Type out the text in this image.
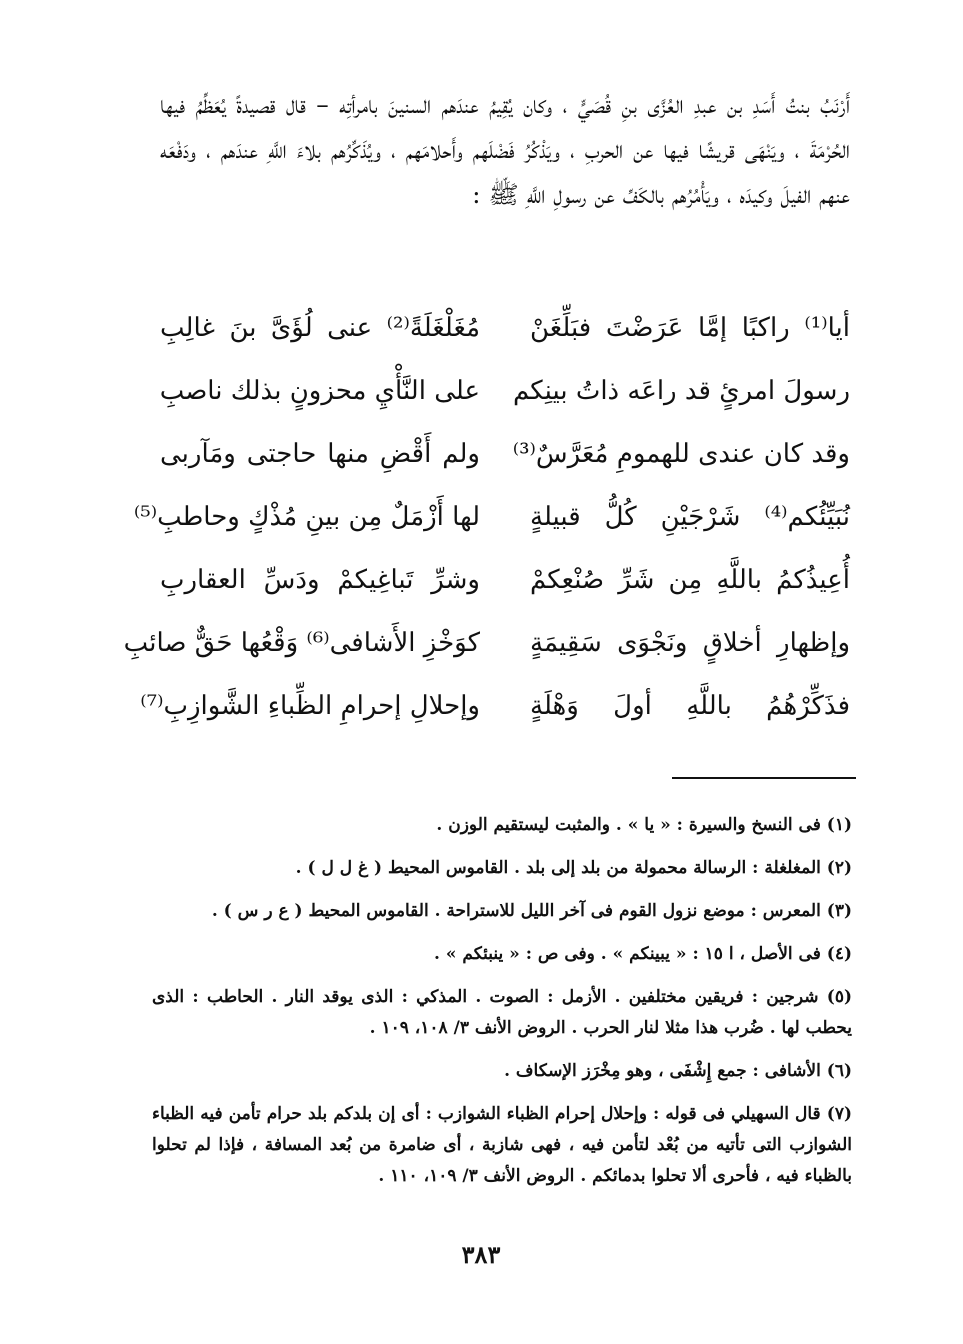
أَرْنَبُ بنتُ أَسَدِ بن عبدِ العُزَّى بنِ قُصَيٍّ ، وكان يُقِيمُ عندَهم السنينَ بامرأتِه – قال قصيدةً يُعَظِّمُ فيها الحُرْمَةَ ، ويَنْهَى قريشًا فيها عن الحربِ ، ويَذْكُرُ فَضْلَهم وأَحلامَهم ، ويُذَكِّرُهم بلاءَ اللَّهِ عندَهم ، ودَفْعَه عنهم الفيلَ وكيدَه ، ويَأْمُرُهم بالكَفِّ عن رسولِ اللَّهِ ﷺ :

أيا⁽¹⁾ راكبًا إمَّا عَرَضْتَ فبَلِّغَنْ
مُغَلْغَلَةً⁽²⁾ عنى لُؤَىَّ بنَ غالِبِ
رسولَ امرئٍ قد راعَه ذاتُ بينِكم
على النَّأْيِ محزونٍ بذلك ناصبِ
وقد كان عندى للهمومِ مُعَرَّسٌ⁽³⁾
ولم أَقْضِ منها حاجتى ومَآربى
نُبَيِّئُكم⁽⁴⁾ شَرْجَيْنِ كُلُّ قبيلةٍ
لها أَزْمَلٌ مِن بينِ مُذْكٍ وحاطبِ⁽⁵⁾
أُعِيذُكمُ باللَّهِ مِن شَرِّ صُنْعِكمْ
وشرِّ تَباغِيكمْ ودَسِّ العقاربِ
وإظهارِ أخلاقٍ ونَجْوَى سَقِيمَةٍ
كوَخْزِ الأَشافى⁽⁶⁾ وَقْعُها حَقٌّ صائبِ
فذَكِّرْهُمُ باللَّهِ أولَ وَهْلَةٍ
وإحلالِ إحرامِ الظِّباءِ الشَّوازِبِ⁽⁷⁾

(١) فى النسخ والسيرة : « يا » . والمثبت ليستقيم الوزن .

(٢) المغلغلة : الرسالة محمولة من بلد إلى بلد . القاموس المحيط ( غ ل ل ) .

(٣) المعرس : موضع نزول القوم فى آخر الليل للاستراحة . القاموس المحيط ( ع ر س ) .

(٤) فى الأصل ، ا ١٥ : « يبينكم » . وفى ص : « ينبئكم » .

(٥) شرجين : فريقين مختلفين . الأزمل : الصوت . المذكي : الذى يوقد النار . الحاطب : الذى يحطب لها . ضُرب هذا مثلا لنار الحرب . الروض الأنف ٣/ ١٠٨، ١٠٩ .

(٦) الأشافى : جمع إِشْفَى ، وهو مِخْرَز الإسكاف .

(٧) قال السهيلي فى قوله : وإحلال إحرام الظباء الشوازب : أى إن بلدكم بلد حرام تأمن فيه الظباء الشوازب التى تأتيه من بُعْد لتأمن فيه ، فهى شازبة ، أى ضامرة من بُعد المسافة ، فإذا لم تحلوا بالظباء فيه ، فأحرى ألا تحلوا بدمائكم . الروض الأنف ٣/ ١٠٩، ١١٠ .

٣٨٣
